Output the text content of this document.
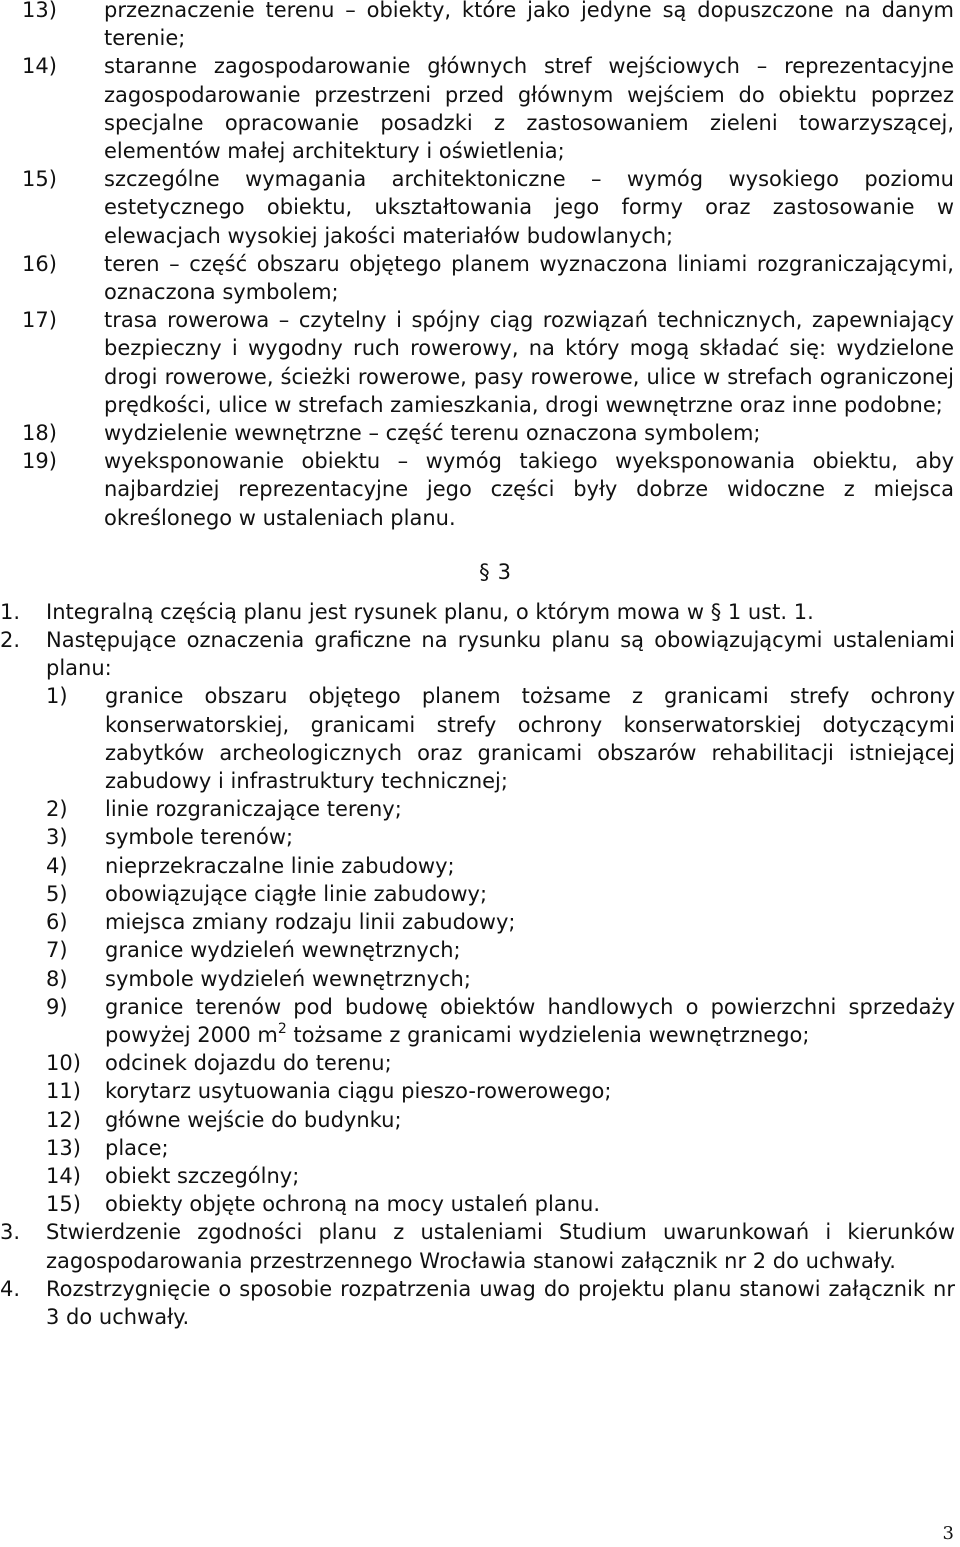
13)	przeznaczenie terenu – obiekty, które jako jedyne są dopuszczone na danym terenie;
14)	staranne zagospodarowanie głównych stref wejściowych – reprezentacyjne zagospodarowanie przestrzeni przed głównym wejściem do obiektu poprzez specjalne opracowanie posadzki z zastosowaniem zieleni towarzyszącej, elementów małej architektury i oświetlenia;
15)	szczególne wymagania architektoniczne – wymóg wysokiego poziomu estetycznego obiektu, ukształtowania jego formy oraz zastosowanie w elewacjach wysokiej jakości materiałów budowlanych;
16)	teren – część obszaru objętego planem wyznaczona liniami rozgraniczającymi, oznaczona symbolem;
17)	trasa rowerowa – czytelny i spójny ciąg rozwiązań technicznych, zapewniający bezpieczny i wygodny ruch rowerowy, na który mogą składać się: wydzielone drogi rowerowe, ścieżki rowerowe, pasy rowerowe, ulice w strefach ograniczonej prędkości, ulice w strefach zamieszkania, drogi wewnętrzne oraz inne podobne;
18)	wydzielenie wewnętrzne – część terenu oznaczona symbolem;
19)	wyeksponowanie obiektu – wymóg takiego wyeksponowania obiektu, aby najbardziej reprezentacyjne jego części były dobrze widoczne z miejsca określonego w ustaleniach planu.
§ 3
1.	Integralną częścią planu jest rysunek planu, o którym mowa w § 1 ust. 1.
2.	Następujące oznaczenia graficzne na rysunku planu są obowiązującymi ustaleniami planu:
1)	granice obszaru objętego planem tożsame z granicami strefy ochrony konserwatorskiej, granicami strefy ochrony konserwatorskiej dotyczącymi zabytków archeologicznych oraz granicami obszarów rehabilitacji istniejącej zabudowy i infrastruktury technicznej;
2)	linie rozgraniczające tereny;
3)	symbole terenów;
4)	nieprzekraczalne linie zabudowy;
5)	obowiązujące ciągłe linie zabudowy;
6)	miejsca zmiany rodzaju linii zabudowy;
7)	granice wydzieleń wewnętrznych;
8)	symbole wydzieleń wewnętrznych;
9)	granice terenów pod budowę obiektów handlowych o powierzchni sprzedaży powyżej 2000 $m^2$ tożsame z granicami wydzielenia wewnętrznego;
10)	odcinek dojazdu do terenu;
11)	korytarz usytuowania ciągu pieszo-rowerowego;
12)	główne wejście do budynku;
13)	place;
14)	obiekt szczególny;
15)	obiekty objęte ochroną na mocy ustaleń planu.
3.	Stwierdzenie zgodności planu z ustaleniami Studium uwarunkowań i kierunków zagospodarowania przestrzennego Wrocławia stanowi załącznik nr 2 do uchwały.
4.	Rozstrzygnięcie o sposobie rozpatrzenia uwag do projektu planu stanowi załącznik nr 3 do uchwały.
3
